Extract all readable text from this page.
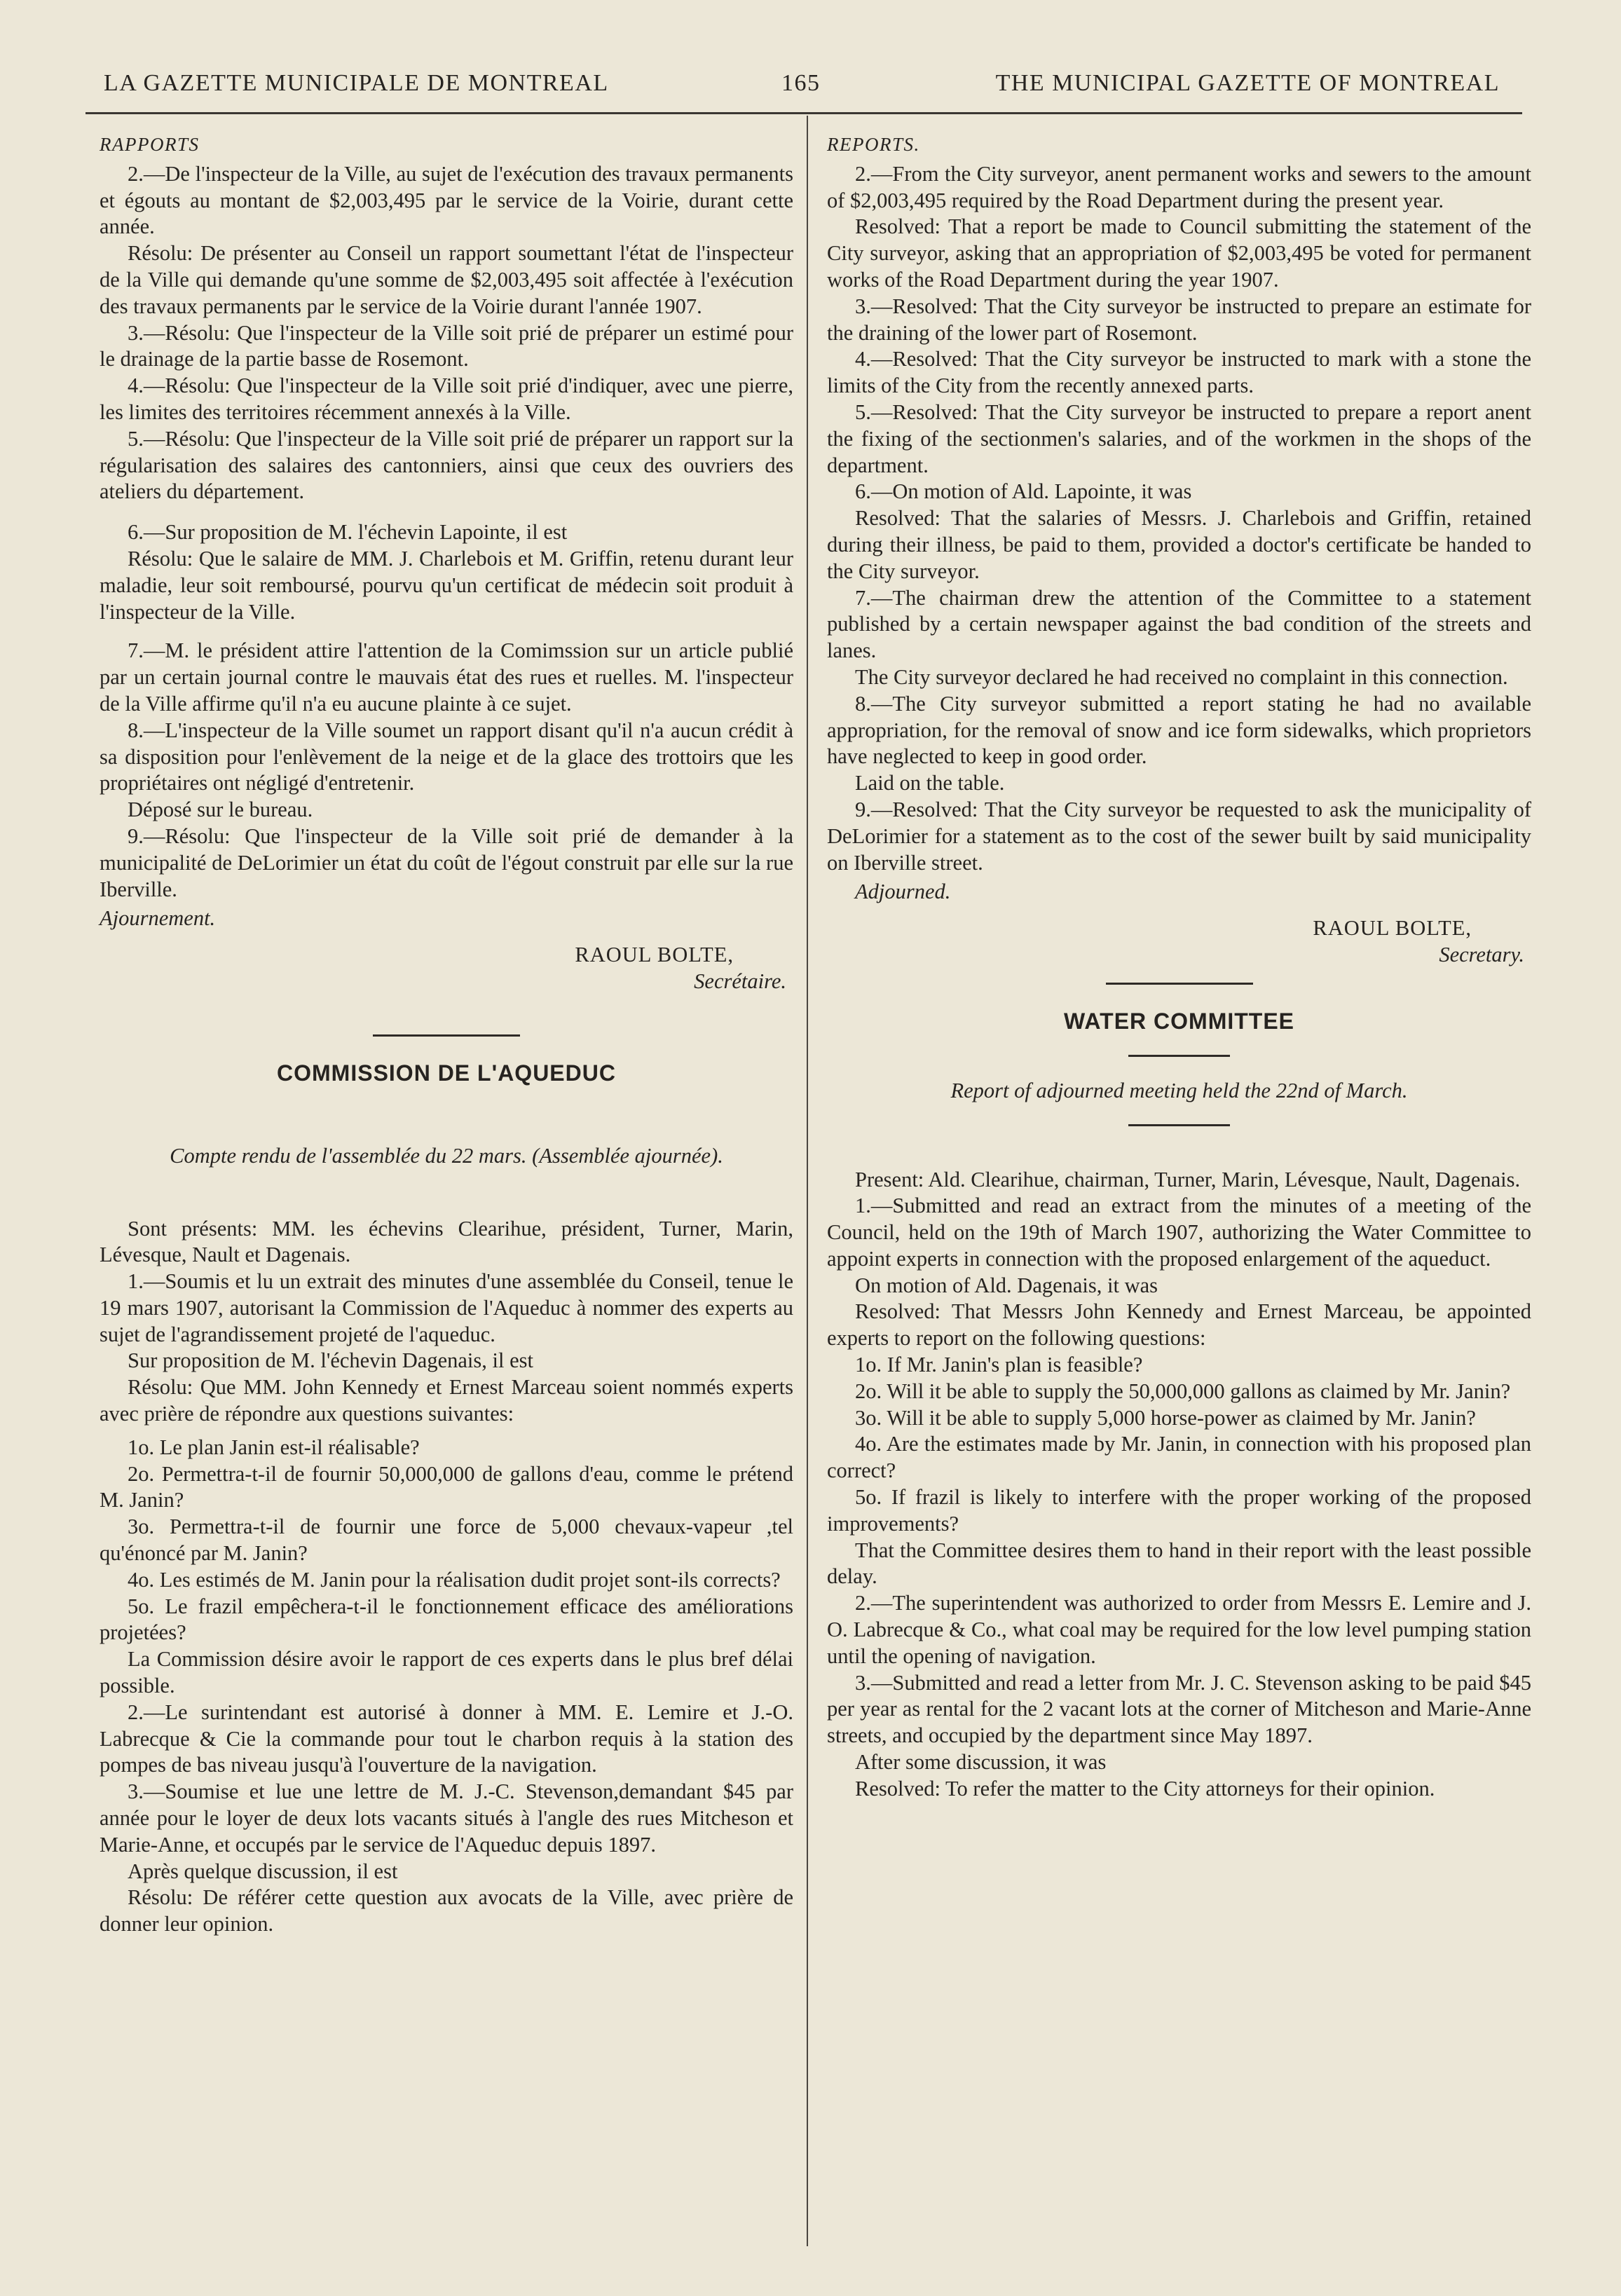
LA GAZETTE MUNICIPALE DE MONTREAL	165	THE MUNICIPAL GAZETTE OF MONTREAL

RAPPORTS

2.—De l'inspecteur de la Ville, au sujet de l'exécution des travaux permanents et égouts au montant de $2,003,495 par le service de la Voirie, durant cette année.

Résolu: De présenter au Conseil un rapport soumettant l'état de l'inspecteur de la Ville qui demande qu'une somme de $2,003,495 soit affectée à l'exécution des travaux permanents par le service de la Voirie durant l'année 1907.

3.—Résolu: Que l'inspecteur de la Ville soit prié de préparer un estimé pour le drainage de la partie basse de Rosemont.

4.—Résolu: Que l'inspecteur de la Ville soit prié d'indiquer, avec une pierre, les limites des territoires récemment annexés à la Ville.

5.—Résolu: Que l'inspecteur de la Ville soit prié de préparer un rapport sur la régularisation des salaires des cantonniers, ainsi que ceux des ouvriers des ateliers du département.

6.—Sur proposition de M. l'échevin Lapointe, il est

Résolu: Que le salaire de MM. J. Charlebois et M. Griffin, retenu durant leur maladie, leur soit remboursé, pourvu qu'un certificat de médecin soit produit à l'inspecteur de la Ville.

7.—M. le président attire l'attention de la Comimssion sur un article publié par un certain journal contre le mauvais état des rues et ruelles. M. l'inspecteur de la Ville affirme qu'il n'a eu aucune plainte à ce sujet.

8.—L'inspecteur de la Ville soumet un rapport disant qu'il n'a aucun crédit à sa disposition pour l'enlèvement de la neige et de la glace des trottoirs que les propriétaires ont négligé d'entretenir.

Déposé sur le bureau.

9.—Résolu: Que l'inspecteur de la Ville soit prié de demander à la municipalité de DeLorimier un état du coût de l'égout construit par elle sur la rue Iberville.

Ajournement.

RAOUL BOLTE,

Secrétaire.

COMMISSION DE L'AQUEDUC

Compte rendu de l'assemblée du 22 mars. (Assemblée ajournée).

Sont présents: MM. les échevins Clearihue, président, Turner, Marin, Lévesque, Nault et Dagenais.

1.—Soumis et lu un extrait des minutes d'une assemblée du Conseil, tenue le 19 mars 1907, autorisant la Commission de l'Aqueduc à nommer des experts au sujet de l'agrandissement projeté de l'aqueduc.

Sur proposition de M. l'échevin Dagenais, il est

Résolu: Que MM. John Kennedy et Ernest Marceau soient nommés experts avec prière de répondre aux questions suivantes:

1o. Le plan Janin est-il réalisable?

2o. Permettra-t-il de fournir 50,000,000 de gallons d'eau, comme le prétend M. Janin?

3o. Permettra-t-il de fournir une force de 5,000 chevaux-vapeur ,tel qu'énoncé par M. Janin?

4o. Les estimés de M. Janin pour la réalisation dudit projet sont-ils corrects?

5o. Le frazil empêchera-t-il le fonctionnement efficace des améliorations projetées?

La Commission désire avoir le rapport de ces experts dans le plus bref délai possible.

2.—Le surintendant est autorisé à donner à MM. E. Lemire et J.-O. Labrecque & Cie la commande pour tout le charbon requis à la station des pompes de bas niveau jusqu'à l'ouverture de la navigation.

3.—Soumise et lue une lettre de M. J.-C. Stevenson,demandant $45 par année pour le loyer de deux lots vacants situés à l'angle des rues Mitcheson et Marie-Anne, et occupés par le service de l'Aqueduc depuis 1897.

Après quelque discussion, il est

Résolu: De référer cette question aux avocats de la Ville, avec prière de donner leur opinion.

REPORTS.

2.—From the City surveyor, anent permanent works and sewers to the amount of $2,003,495 required by the Road Department during the present year.

Resolved: That a report be made to Council submitting the statement of the City surveyor, asking that an appropriation of $2,003,495 be voted for permanent works of the Road Department during the year 1907.

3.—Resolved: That the City surveyor be instructed to prepare an estimate for the draining of the lower part of Rosemont.

4.—Resolved: That the City surveyor be instructed to mark with a stone the limits of the City from the recently annexed parts.

5.—Resolved: That the City surveyor be instructed to prepare a report anent the fixing of the sectionmen's salaries, and of the workmen in the shops of the department.

6.—On motion of Ald. Lapointe, it was

Resolved: That the salaries of Messrs. J. Charlebois and Griffin, retained during their illness, be paid to them, provided a doctor's certificate be handed to the City surveyor.

7.—The chairman drew the attention of the Committee to a statement published by a certain newspaper against the bad condition of the streets and lanes.

The City surveyor declared he had received no complaint in this connection.

8.—The City surveyor submitted a report stating he had no available appropriation, for the removal of snow and ice form sidewalks, which proprietors have neglected to keep in good order.

Laid on the table.

9.—Resolved: That the City surveyor be requested to ask the municipality of DeLorimier for a statement as to the cost of the sewer built by said municipality on Iberville street.

Adjourned.

RAOUL BOLTE,

Secretary.

WATER COMMITTEE

Report of adjourned meeting held the 22nd of March.

Present: Ald. Clearihue, chairman, Turner, Marin, Lévesque, Nault, Dagenais.

1.—Submitted and read an extract from the minutes of a meeting of the Council, held on the 19th of March 1907, authorizing the Water Committee to appoint experts in connection with the proposed enlargement of the aqueduct.

On motion of Ald. Dagenais, it was

Resolved: That Messrs John Kennedy and Ernest Marceau, be appointed experts to report on the following questions:

1o. If Mr. Janin's plan is feasible?

2o. Will it be able to supply the 50,000,000 gallons as claimed by Mr. Janin?

3o. Will it be able to supply 5,000 horse-power as claimed by Mr. Janin?

4o. Are the estimates made by Mr. Janin, in connection with his proposed plan correct?

5o. If frazil is likely to interfere with the proper working of the proposed improvements?

That the Committee desires them to hand in their report with the least possible delay.

2.—The superintendent was authorized to order from Messrs E. Lemire and J. O. Labrecque & Co., what coal may be required for the low level pumping station until the opening of navigation.

3.—Submitted and read a letter from Mr. J. C. Stevenson asking to be paid $45 per year as rental for the 2 vacant lots at the corner of Mitcheson and Marie-Anne streets, and occupied by the department since May 1897.

After some discussion, it was

Resolved: To refer the matter to the City attorneys for their opinion.
